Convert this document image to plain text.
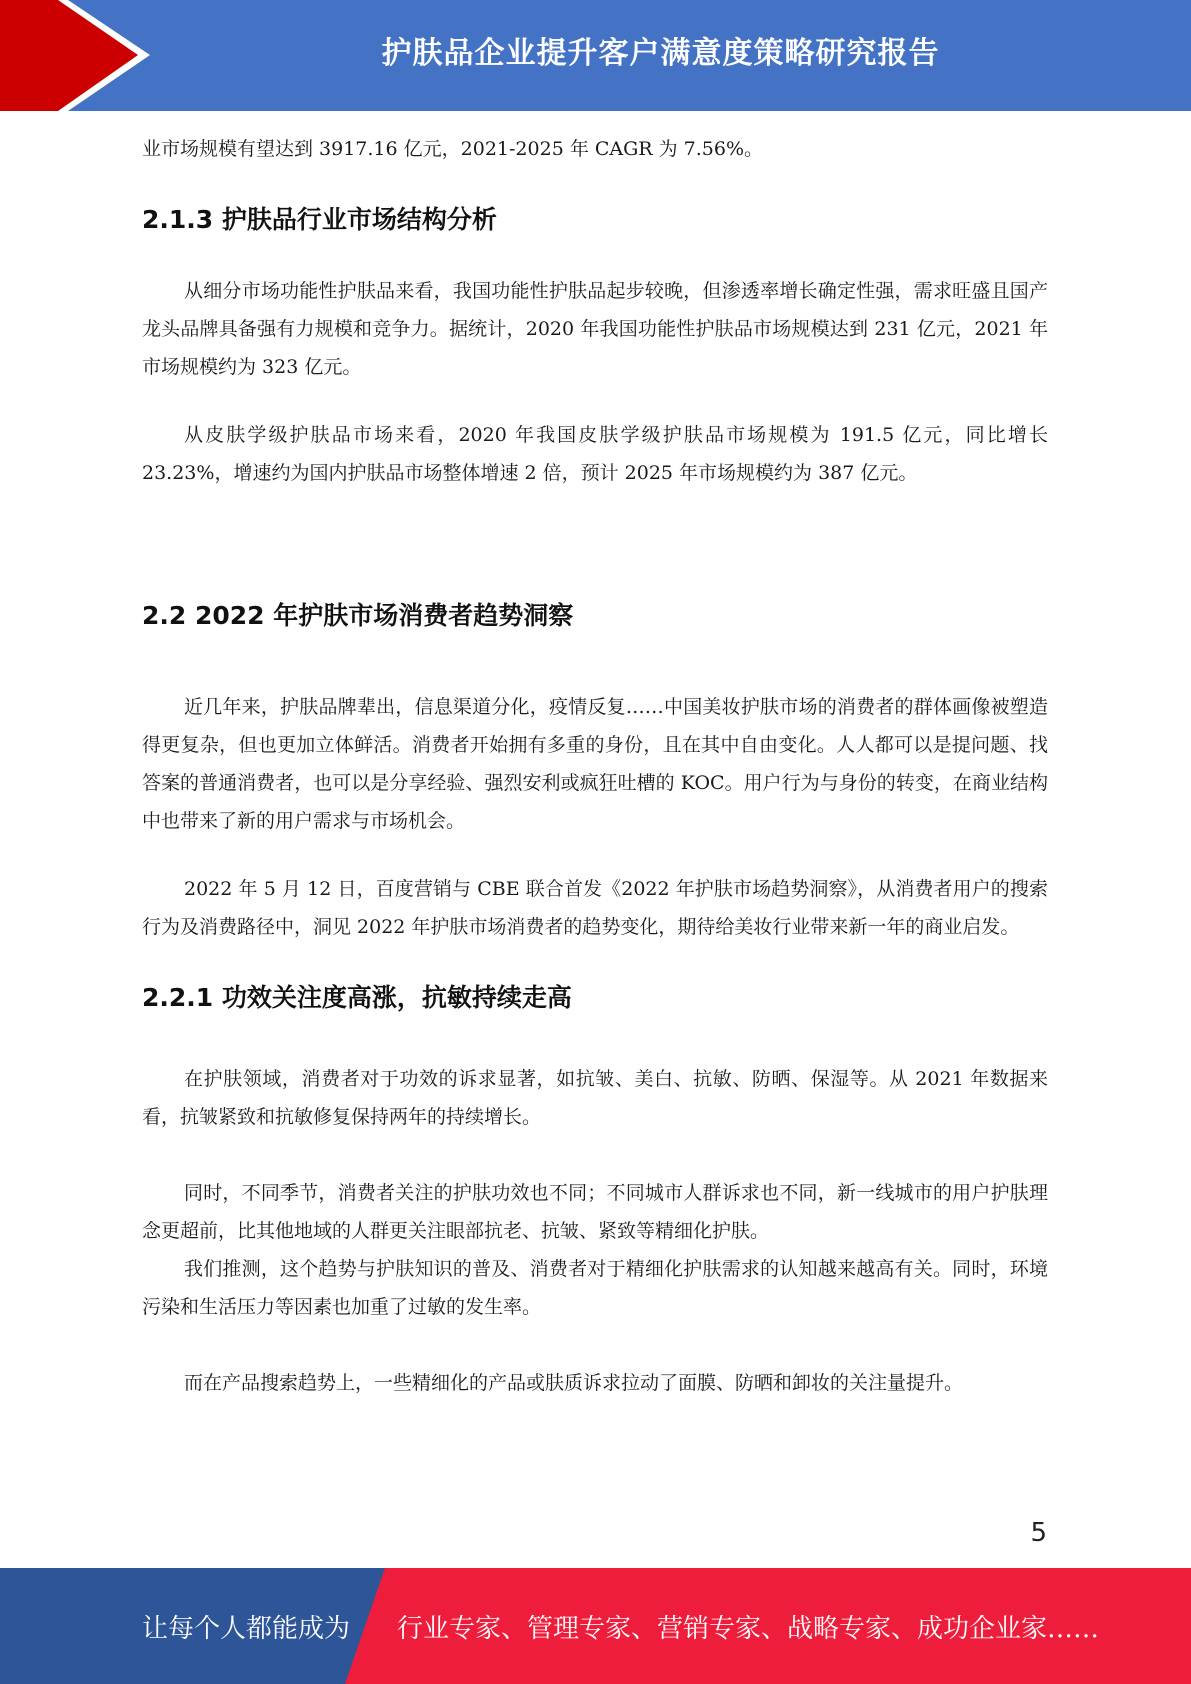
护肤品企业提升客户满意度策略研究报告

业市场规模有望达到 3917.16 亿元，2021-2025 年 CAGR 为 7.56%。

2.1.3 护肤品行业市场结构分析

从细分市场功能性护肤品来看，我国功能性护肤品起步较晚，但渗透率增长确定性强，需求旺盛且国产龙头品牌具备强有力规模和竞争力。据统计，2020 年我国功能性护肤品市场规模达到 231 亿元，2021 年市场规模约为 323 亿元。

从皮肤学级护肤品市场来看，2020 年我国皮肤学级护肤品市场规模为 191.5 亿元，同比增长 23.23%，增速约为国内护肤品市场整体增速 2 倍，预计 2025 年市场规模约为 387 亿元。

2.2 2022 年护肤市场消费者趋势洞察

近几年来，护肤品牌辈出，信息渠道分化，疫情反复……中国美妆护肤市场的消费者的群体画像被塑造得更复杂，但也更加立体鲜活。消费者开始拥有多重的身份，且在其中自由变化。人人都可以是提问题、找答案的普通消费者，也可以是分享经验、强烈安利或疯狂吐槽的 KOC。用户行为与身份的转变，在商业结构中也带来了新的用户需求与市场机会。

2022 年 5 月 12 日，百度营销与 CBE 联合首发《2022 年护肤市场趋势洞察》，从消费者用户的搜索行为及消费路径中，洞见 2022 年护肤市场消费者的趋势变化，期待给美妆行业带来新一年的商业启发。

2.2.1 功效关注度高涨，抗敏持续走高

在护肤领域，消费者对于功效的诉求显著，如抗皱、美白、抗敏、防晒、保湿等。从 2021 年数据来看，抗皱紧致和抗敏修复保持两年的持续增长。

同时，不同季节，消费者关注的护肤功效也不同；不同城市人群诉求也不同，新一线城市的用户护肤理念更超前，比其他地域的人群更关注眼部抗老、抗皱、紧致等精细化护肤。

我们推测，这个趋势与护肤知识的普及、消费者对于精细化护肤需求的认知越来越高有关。同时，环境污染和生活压力等因素也加重了过敏的发生率。

而在产品搜索趋势上，一些精细化的产品或肤质诉求拉动了面膜、防晒和卸妆的关注量提升。

5
让每个人都能成为 行业专家、管理专家、营销专家、战略专家、成功企业家……
